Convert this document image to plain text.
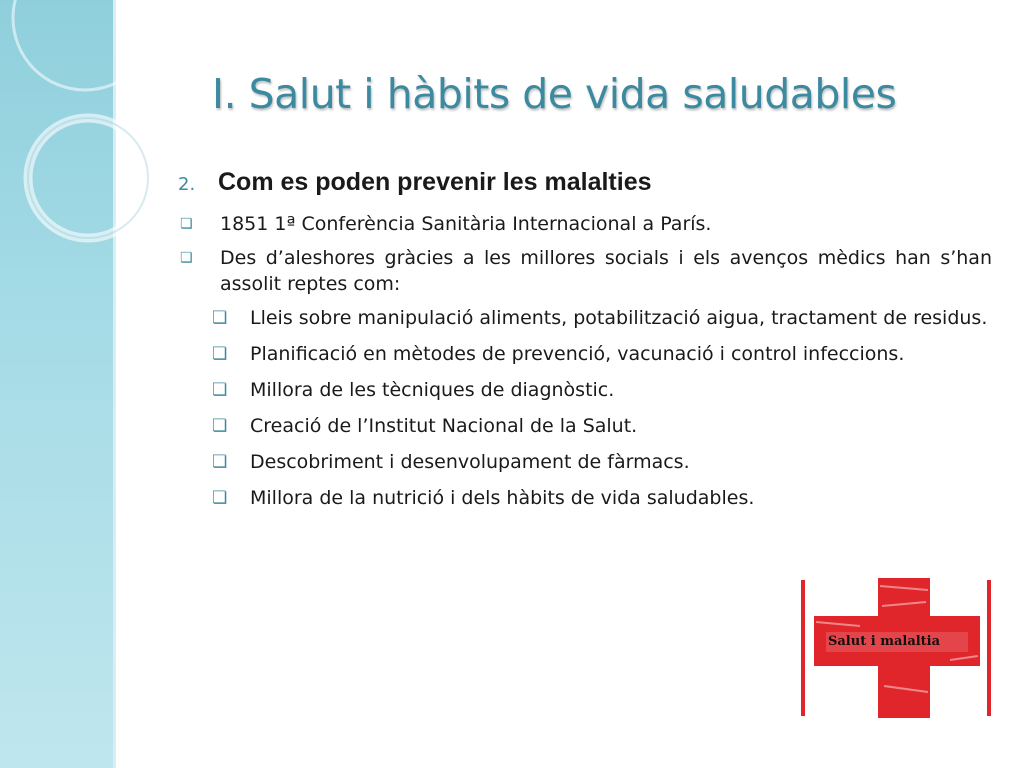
I. Salut i hàbits de vida saludables
2. Com es poden prevenir les malalties
❏	1851 1ª Conferència Sanitària Internacional a París.
❏	Des d’aleshores gràcies a les millores socials i els avenços mèdics han s’han assolit reptes com:
❏	Lleis sobre manipulació aliments, potabilització aigua, tractament de residus.
❏	Planificació en mètodes de prevenció, vacunació i control infeccions.
❏	Millora de les tècniques de diagnòstic.
❏	Creació de l’Institut Nacional de la Salut.
❏	Descobriment i desenvolupament de fàrmacs.
❏	Millora de la nutrició i dels hàbits de vida saludables.
Salut i malaltia
